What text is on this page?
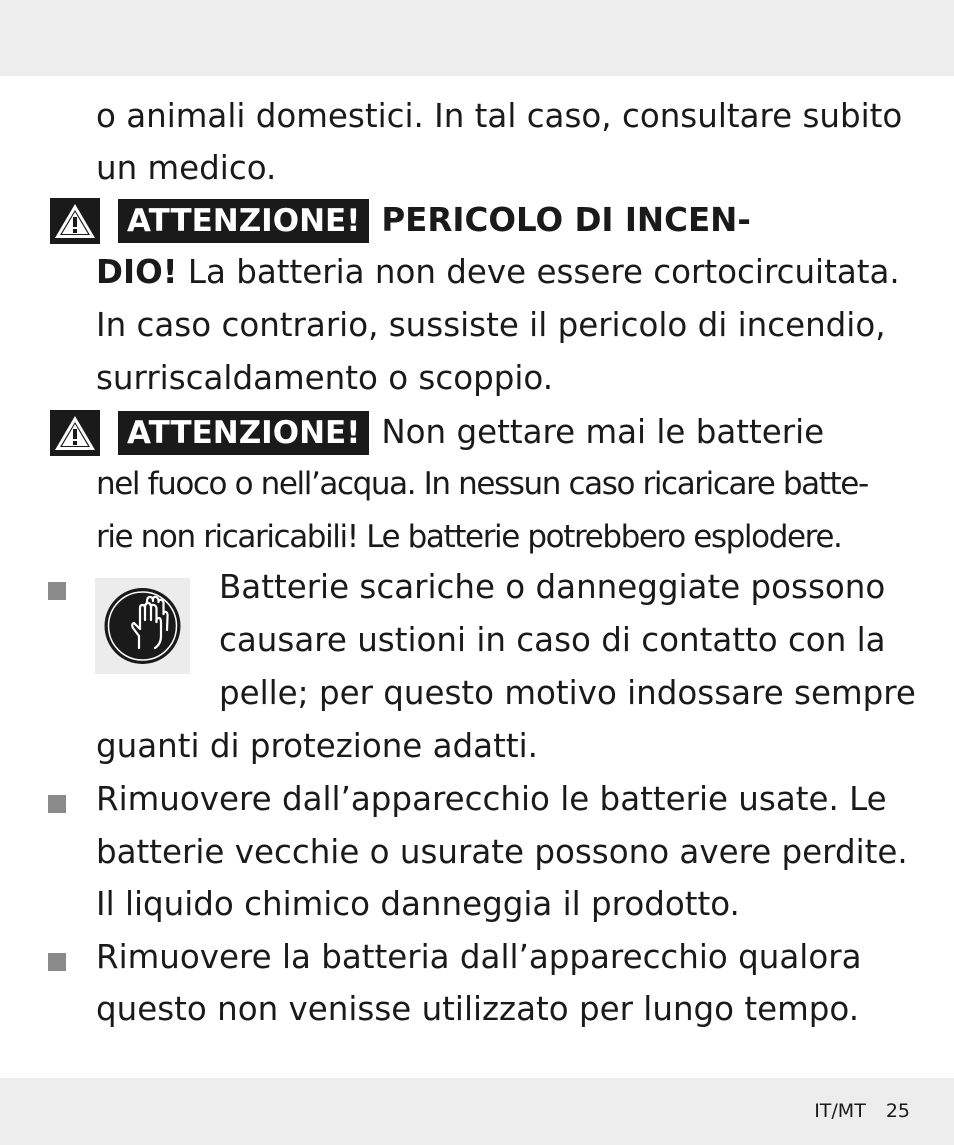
o animali domestici. In tal caso, consultare subito
un medico.
ATTENZIONE! PERICOLO DI INCEN-
DIO! La batteria non deve essere cortocircuitata.
In caso contrario, sussiste il pericolo di incendio,
surriscaldamento o scoppio.
ATTENZIONE! Non gettare mai le batterie
nel fuoco o nell’acqua. In nessun caso ricaricare batte-
rie non ricaricabili! Le batterie potrebbero esplodere.
Batterie scariche o danneggiate possono
causare ustioni in caso di contatto con la
pelle; per questo motivo indossare sempre
guanti di protezione adatti.
Rimuovere dall’apparecchio le batterie usate. Le
batterie vecchie o usurate possono avere perdite.
Il liquido chimico danneggia il prodotto.
Rimuovere la batteria dall’apparecchio qualora
questo non venisse utilizzato per lungo tempo.
IT/MT 25
